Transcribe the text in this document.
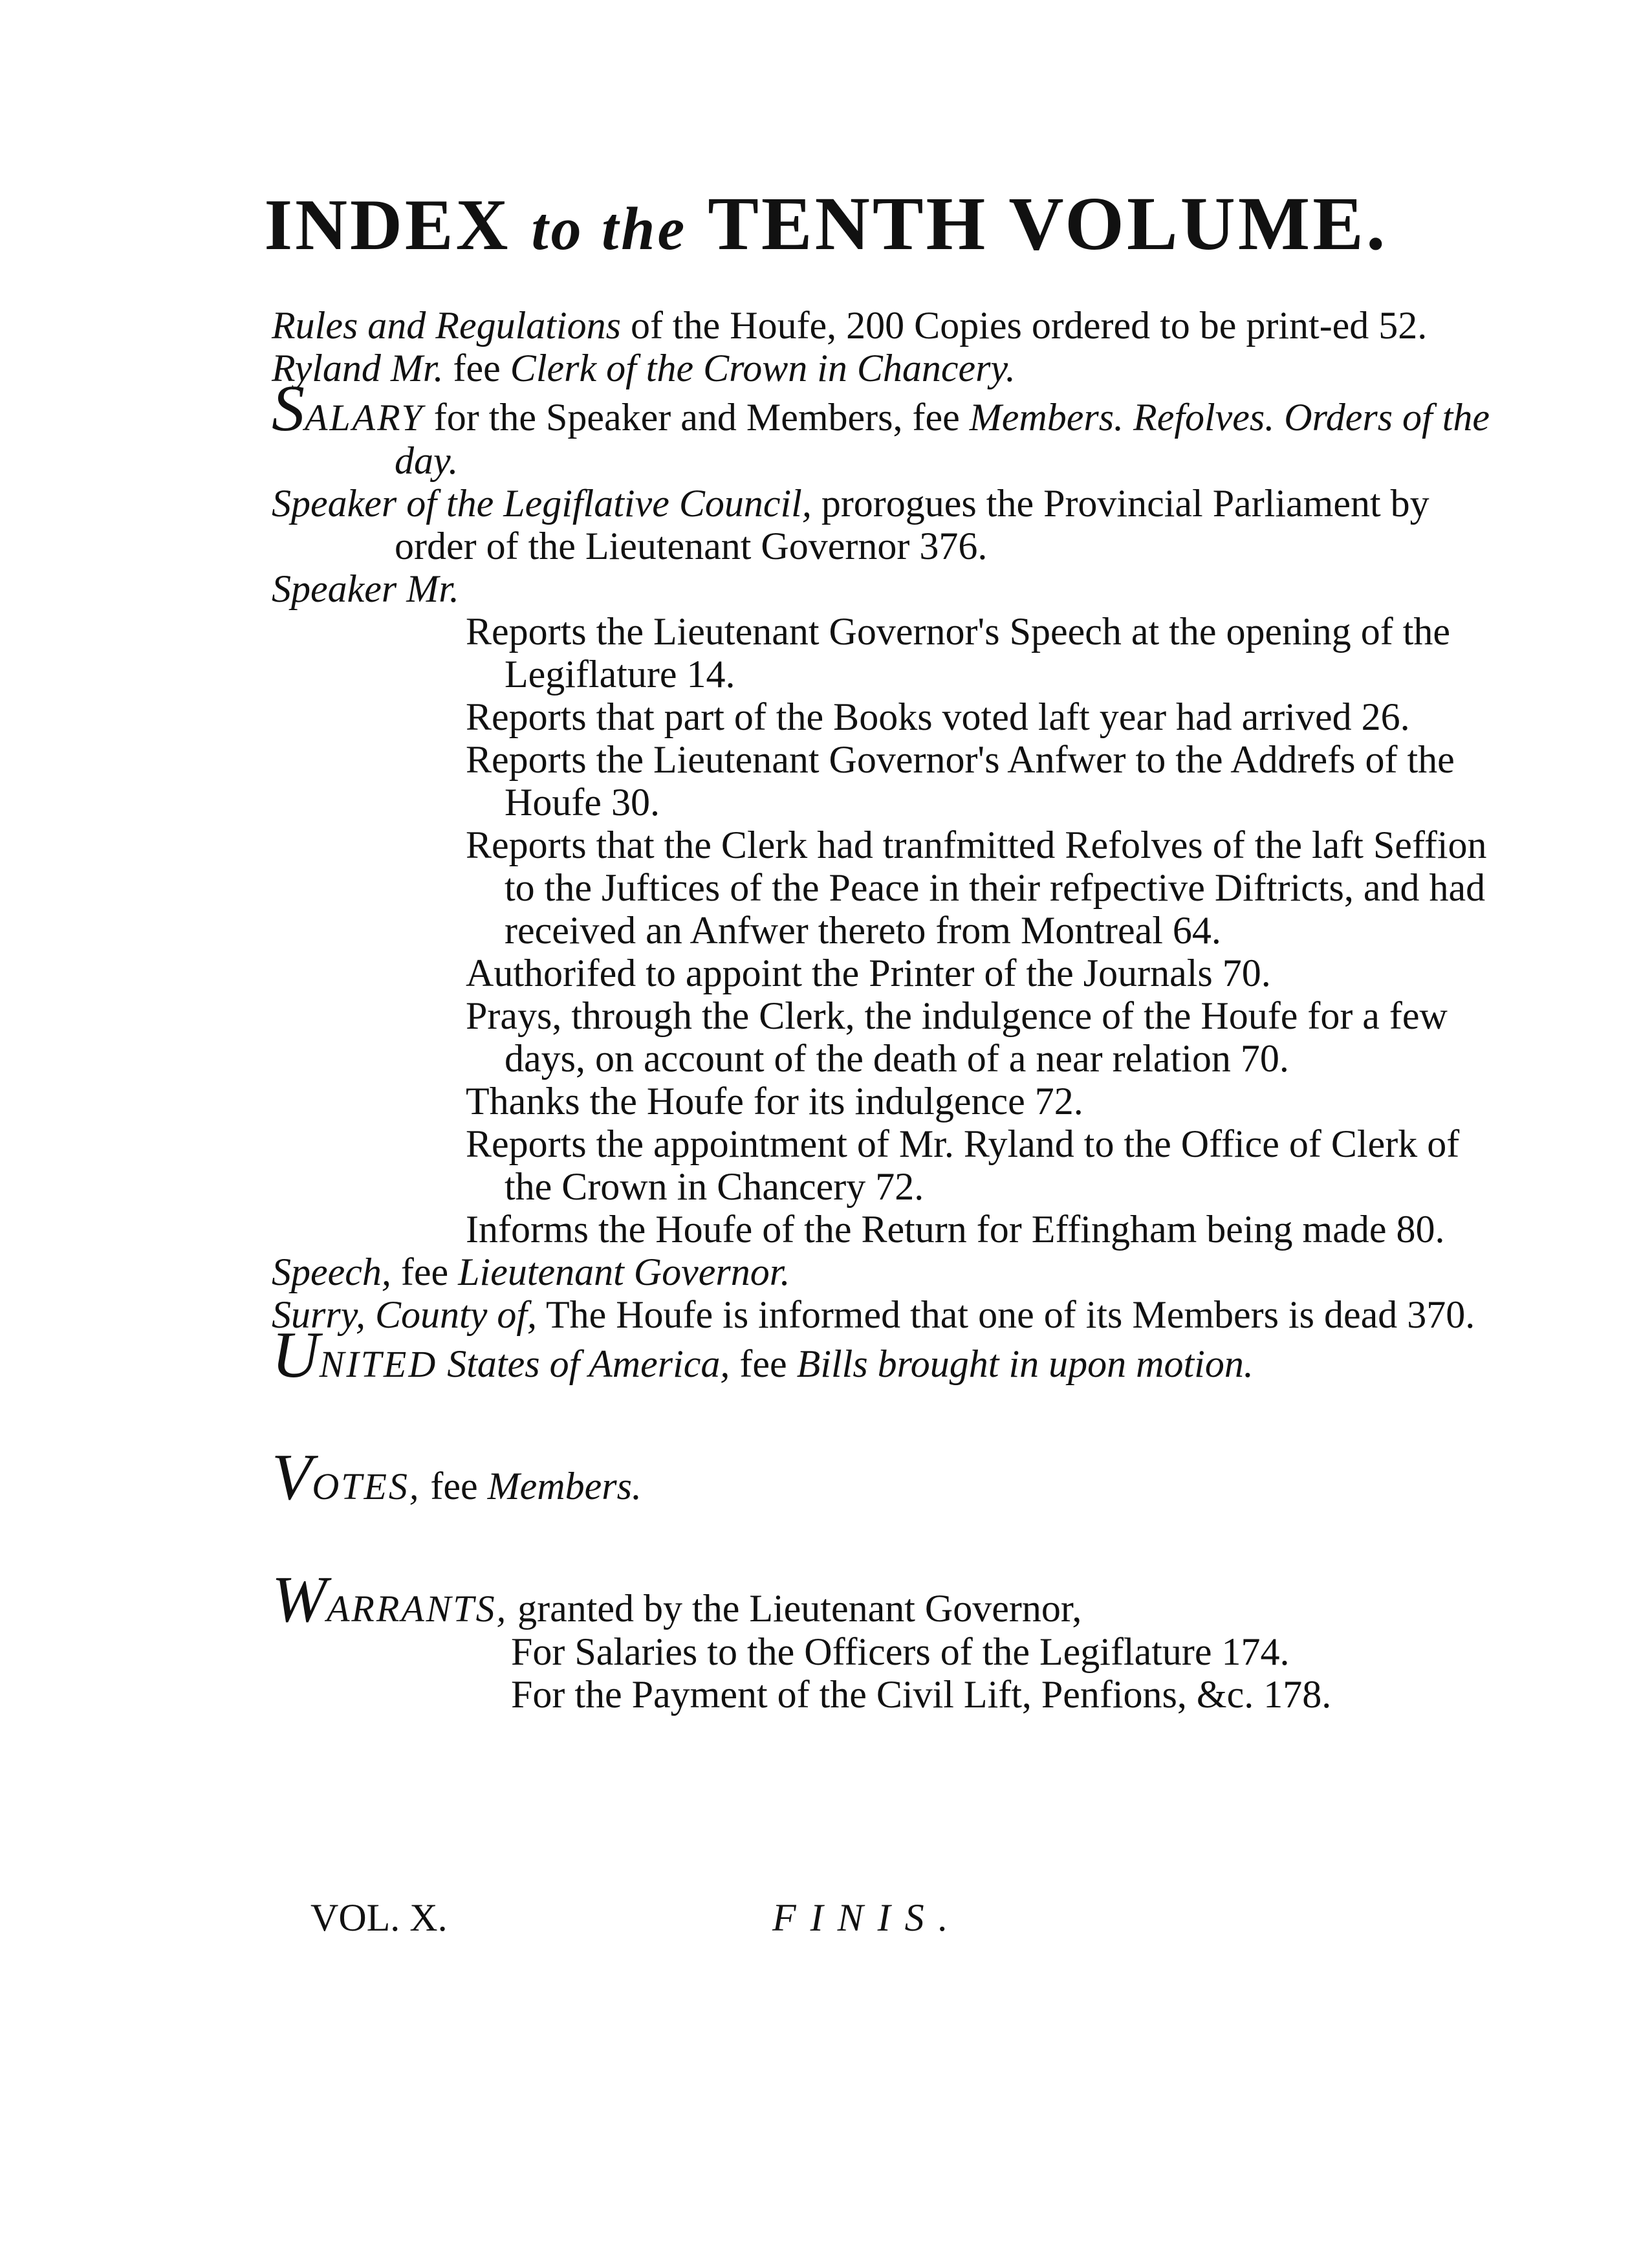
INDEX to the TENTH VOLUME.

Rules and Regulations of the Houfe, 200 Copies ordered to be print-ed 52.

Ryland Mr. fee Clerk of the Crown in Chancery.

SALARY for the Speaker and Members, fee Members. Refolves. Orders of the day.

Speaker of the Legiflative Council, prorogues the Provincial Parliament by order of the Lieutenant Governor 376.

Speaker Mr.

Reports the Lieutenant Governor's Speech at the opening of the Legiflature 14.

Reports that part of the Books voted laft year had arrived 26.

Reports the Lieutenant Governor's Anfwer to the Addrefs of the Houfe 30.

Reports that the Clerk had tranfmitted Refolves of the laft Seffion to the Juftices of the Peace in their refpective Diftricts, and had received an Anfwer thereto from Montreal 64.

Authorifed to appoint the Printer of the Journals 70.

Prays, through the Clerk, the indulgence of the Houfe for a few days, on account of the death of a near relation 70.

Thanks the Houfe for its indulgence 72.

Reports the appointment of Mr. Ryland to the Office of Clerk of the Crown in Chancery 72.

Informs the Houfe of the Return for Effingham being made 80.

Speech, fee Lieutenant Governor.

Surry, County of, The Houfe is informed that one of its Members is dead 370.

UNITED States of America, fee Bills brought in upon motion.

VOTES, fee Members.

WARRANTS, granted by the Lieutenant Governor,

For Salaries to the Officers of the Legiflature 174.

For the Payment of the Civil Lift, Penfions, &c. 178.

VOL. X.	FINIS.
